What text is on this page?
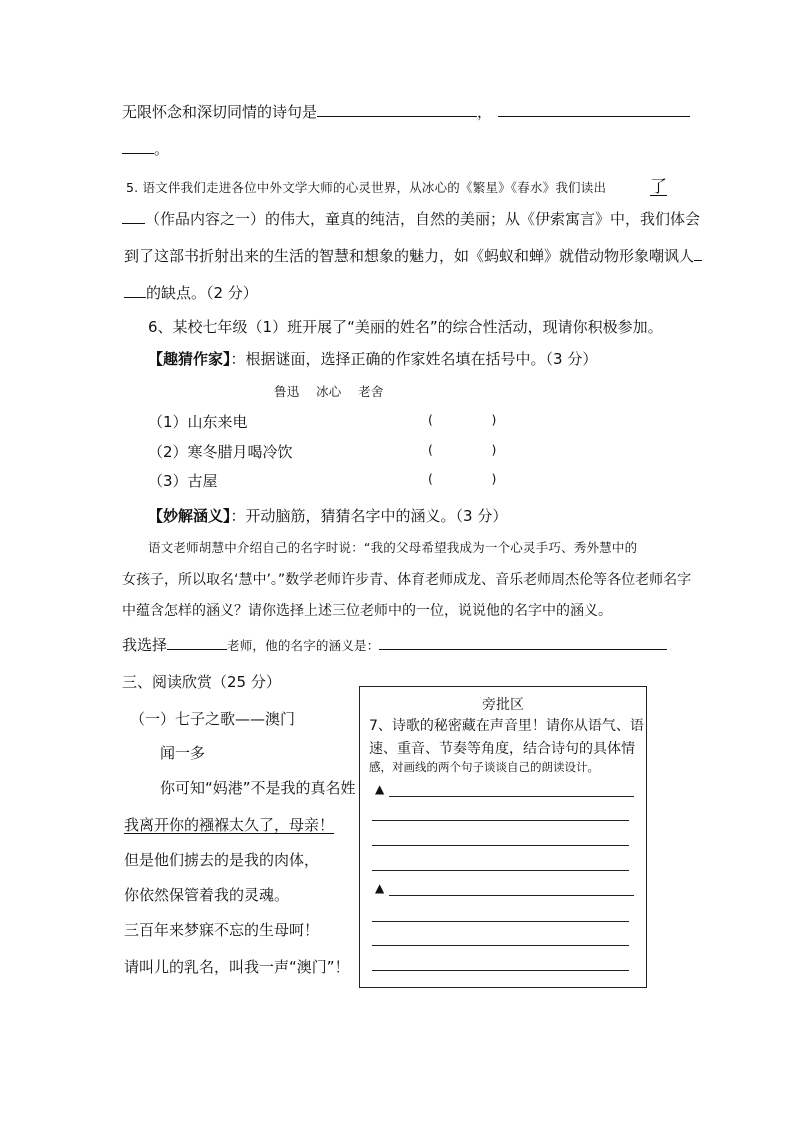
无限怀念和深切同情的诗句是	，
。
5. 语文伴我们走进各位中外文学大师的心灵世界，从冰心的《繁星》《春水》我们读出	了
（作品内容之一）的伟大，童真的纯洁，自然的美丽；从《伊索寓言》中，我们体会
到了这部书折射出来的生活的智慧和想象的魅力，如《蚂蚁和蝉》就借动物形象嘲讽人
的缺点。（2 分）
6、某校七年级（1）班开展了“美丽的姓名”的综合性活动，现请你积极参加。
【趣猜作家】：根据谜面，选择正确的作家姓名填在括号中。（3 分）
鲁迅    冰心    老舍
（1）山东来电	(              )
（2）寒冬腊月喝冷饮	(              )
（3）古屋	(              )
【妙解涵义】：开动脑筋，猜猜名字中的涵义。（3 分）
语文老师胡慧中介绍自己的名字时说：“我的父母希望我成为一个心灵手巧、秀外慧中的
女孩子，所以取名‘慧中’。”数学老师许步青、体育老师成龙、音乐老师周杰伦等各位老师名字
中蕴含怎样的涵义？请你选择上述三位老师中的一位，说说他的名字中的涵义。
我选择	老师，他的名字的涵义是：
三、阅读欣赏（25 分）
（一）七子之歌——澳门
闻一多
你可知“妈港”不是我的真名姓
我离开你的襁褓太久了，母亲！
但是他们掳去的是我的肉体，
你依然保管着我的灵魂。
三百年来梦寐不忘的生母呵！
请叫儿的乳名，叫我一声“澳门”！
旁批区
7、诗歌的秘密藏在声音里！请你从语气、语
速、重音、节奏等角度，结合诗句的具体情
感，对画线的两个句子谈谈自己的朗读设计。
▲
▲
